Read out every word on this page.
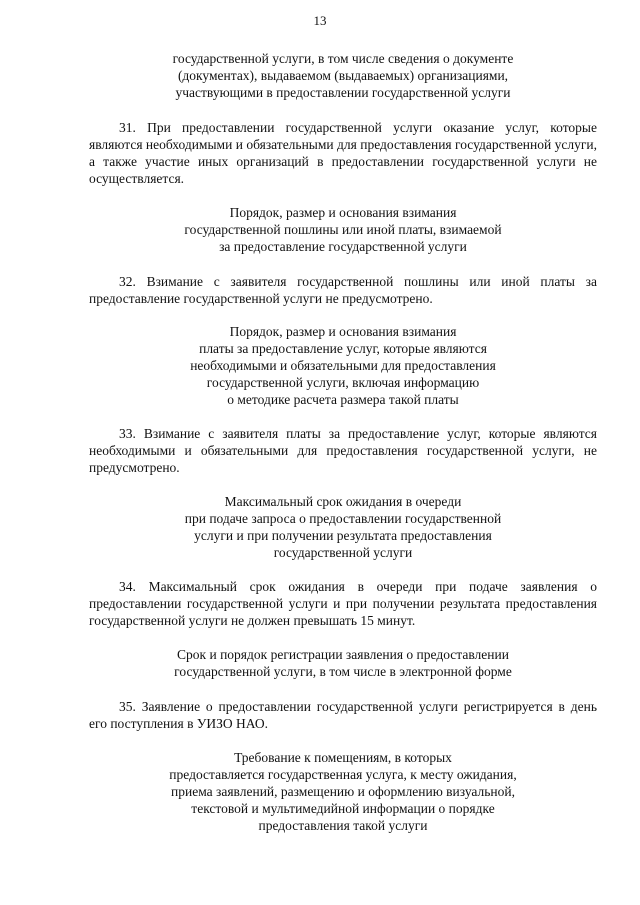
13
государственной услуги, в том числе сведения о документе
(документах), выдаваемом (выдаваемых) организациями,
участвующими в предоставлении государственной услуги

31. При предоставлении государственной услуги оказание услуг, которые являются необходимыми и обязательными для предоставления государственной услуги, а также участие иных организаций в предоставлении государственной услуги не осуществляется.

Порядок, размер и основания взимания
государственной пошлины или иной платы, взимаемой
за предоставление государственной услуги

32. Взимание с заявителя государственной пошлины или иной платы за предоставление государственной услуги не предусмотрено.

Порядок, размер и основания взимания
платы за предоставление услуг, которые являются
необходимыми и обязательными для предоставления
государственной услуги, включая информацию
о методике расчета размера такой платы

33. Взимание с заявителя платы за предоставление услуг, которые являются необходимыми и обязательными для предоставления государственной услуги, не предусмотрено.

Максимальный срок ожидания в очереди
при подаче запроса о предоставлении государственной
услуги и при получении результата предоставления
государственной услуги

34. Максимальный срок ожидания в очереди при подаче заявления о предоставлении государственной услуги и при получении результата предоставления государственной услуги не должен превышать 15 минут.

Срок и порядок регистрации заявления о предоставлении
государственной услуги, в том числе в электронной форме

35. Заявление о предоставлении государственной услуги регистрируется в день его поступления в УИЗО НАО.

Требование к помещениям, в которых
предоставляется государственная услуга, к месту ожидания,
приема заявлений, размещению и оформлению визуальной,
текстовой и мультимедийной информации о порядке
предоставления такой услуги
